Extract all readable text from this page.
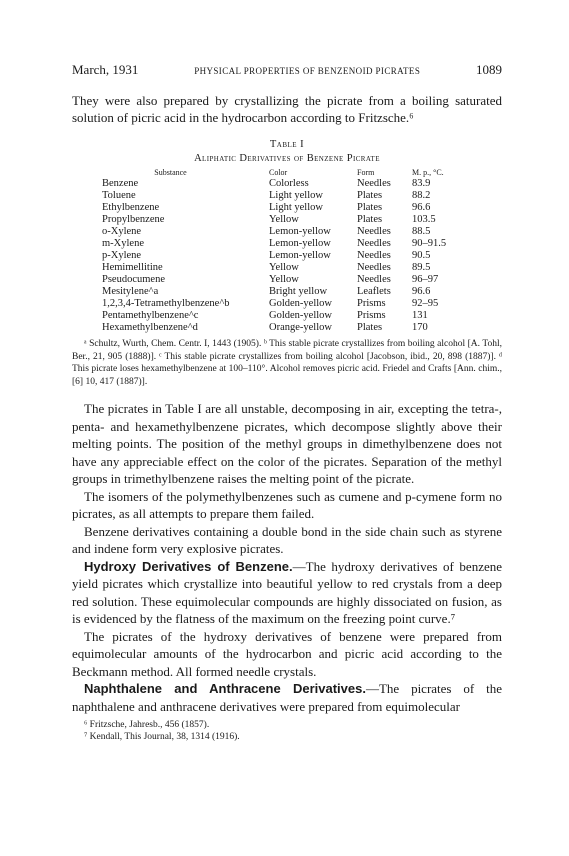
March, 1931	PHYSICAL PROPERTIES OF BENZENOID PICRATES	1089

They were also prepared by crystallizing the picrate from a boiling saturated solution of picric acid in the hydrocarbon according to Fritzsche.⁶

Table I
Aliphatic Derivatives of Benzene Picrate
Substance	Color	Form	M. p., °C.
Benzene	Colorless	Needles	83.9
Toluene	Light yellow	Plates	88.2
Ethylbenzene	Light yellow	Plates	96.6
Propylbenzene	Yellow	Plates	103.5
o-Xylene	Lemon-yellow	Needles	88.5
m-Xylene	Lemon-yellow	Needles	90–91.5
p-Xylene	Lemon-yellow	Needles	90.5
Hemimellitine	Yellow	Needles	89.5
Pseudocumene	Yellow	Needles	96–97
Mesitylene^a	Bright yellow	Leaflets	96.6
1,2,3,4-Tetramethylbenzene^b	Golden-yellow	Prisms	92–95
Pentamethylbenzene^c	Golden-yellow	Prisms	131
Hexamethylbenzene^d	Orange-yellow	Plates	170

ᵃ Schultz, Wurth, Chem. Centr. I, 1443 (1905). ᵇ This stable picrate crystallizes from boiling alcohol [A. Tohl, Ber., 21, 905 (1888)]. ᶜ This stable picrate crystallizes from boiling alcohol [Jacobson, ibid., 20, 898 (1887)]. ᵈ This picrate loses hexamethylbenzene at 100–110°. Alcohol removes picric acid. Friedel and Crafts [Ann. chim., [6] 10, 417 (1887)].

The picrates in Table I are all unstable, decomposing in air, excepting the tetra-, penta- and hexamethylbenzene picrates, which decompose slightly above their melting points. The position of the methyl groups in dimethylbenzene does not have any appreciable effect on the color of the picrates. Separation of the methyl groups in trimethylbenzene raises the melting point of the picrate.

The isomers of the polymethylbenzenes such as cumene and p-cymene form no picrates, as all attempts to prepare them failed.

Benzene derivatives containing a double bond in the side chain such as styrene and indene form very explosive picrates.

Hydroxy Derivatives of Benzene.—The hydroxy derivatives of benzene yield picrates which crystallize into beautiful yellow to red crystals from a deep red solution. These equimolecular compounds are highly dissociated on fusion, as is evidenced by the flatness of the maximum on the freezing point curve.⁷

The picrates of the hydroxy derivatives of benzene were prepared from equimolecular amounts of the hydrocarbon and picric acid according to the Beckmann method. All formed needle crystals.

Naphthalene and Anthracene Derivatives.—The picrates of the naphthalene and anthracene derivatives were prepared from equimolecular

⁶ Fritzsche, Jahresb., 456 (1857).
⁷ Kendall, This Journal, 38, 1314 (1916).
